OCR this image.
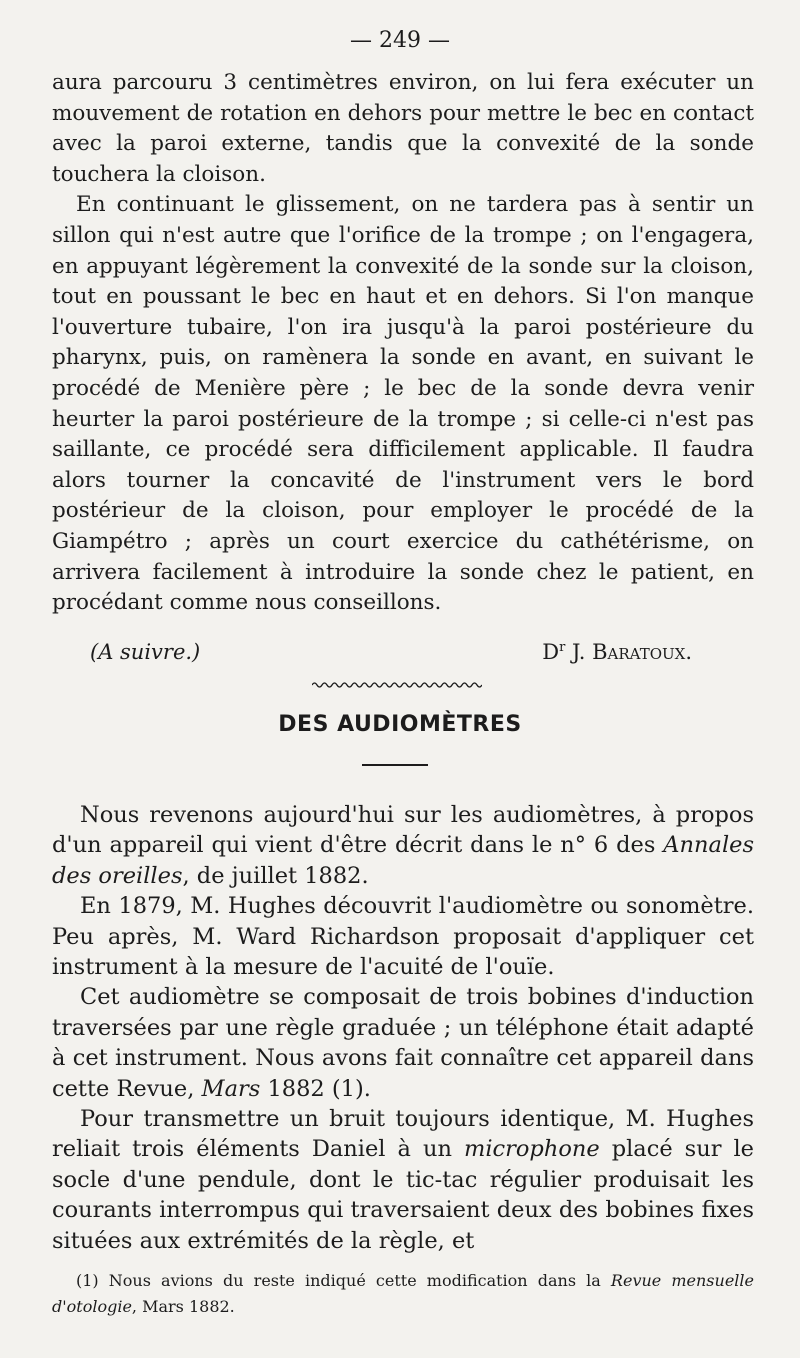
— 249 —

aura parcouru 3 centimètres environ, on lui fera exécuter un mouvement de rotation en dehors pour mettre le bec en contact avec la paroi externe, tandis que la convexité de la sonde touchera la cloison.

En continuant le glissement, on ne tardera pas à sentir un sillon qui n'est autre que l'orifice de la trompe ; on l'engagera, en appuyant légèrement la convexité de la sonde sur la cloison, tout en poussant le bec en haut et en dehors. Si l'on manque l'ouverture tubaire, l'on ira jusqu'à la paroi postérieure du pharynx, puis, on ramènera la sonde en avant, en suivant le procédé de Menière père ; le bec de la sonde devra venir heurter la paroi postérieure de la trompe ; si celle-ci n'est pas saillante, ce procédé sera difficilement applicable. Il faudra alors tourner la concavité de l'instrument vers le bord postérieur de la cloison, pour employer le procédé de la Giampétro ; après un court exercice du cathétérisme, on arrivera facilement à introduire la sonde chez le patient, en procédant comme nous conseillons.

(A suivre.)	$D^r$ J. Baratoux.
DES AUDIOMÈTRES

Nous revenons aujourd'hui sur les audiomètres, à propos d'un appareil qui vient d'être décrit dans le n° 6 des Annales des oreilles, de juillet 1882.

En 1879, M. Hughes découvrit l'audiomètre ou sonomètre. Peu après, M. Ward Richardson proposait d'appliquer cet instrument à la mesure de l'acuité de l'ouïe.

Cet audiomètre se composait de trois bobines d'induction traversées par une règle graduée ; un téléphone était adapté à cet instrument. Nous avons fait connaître cet appareil dans cette Revue, Mars 1882 (1).

Pour transmettre un bruit toujours identique, M. Hughes reliait trois éléments Daniel à un microphone placé sur le socle d'une pendule, dont le tic-tac régulier produisait les courants interrompus qui traversaient deux des bobines fixes situées aux extrémités de la règle, et

(1) Nous avions du reste indiqué cette modification dans la Revue mensuelle d'otologie, Mars 1882.
